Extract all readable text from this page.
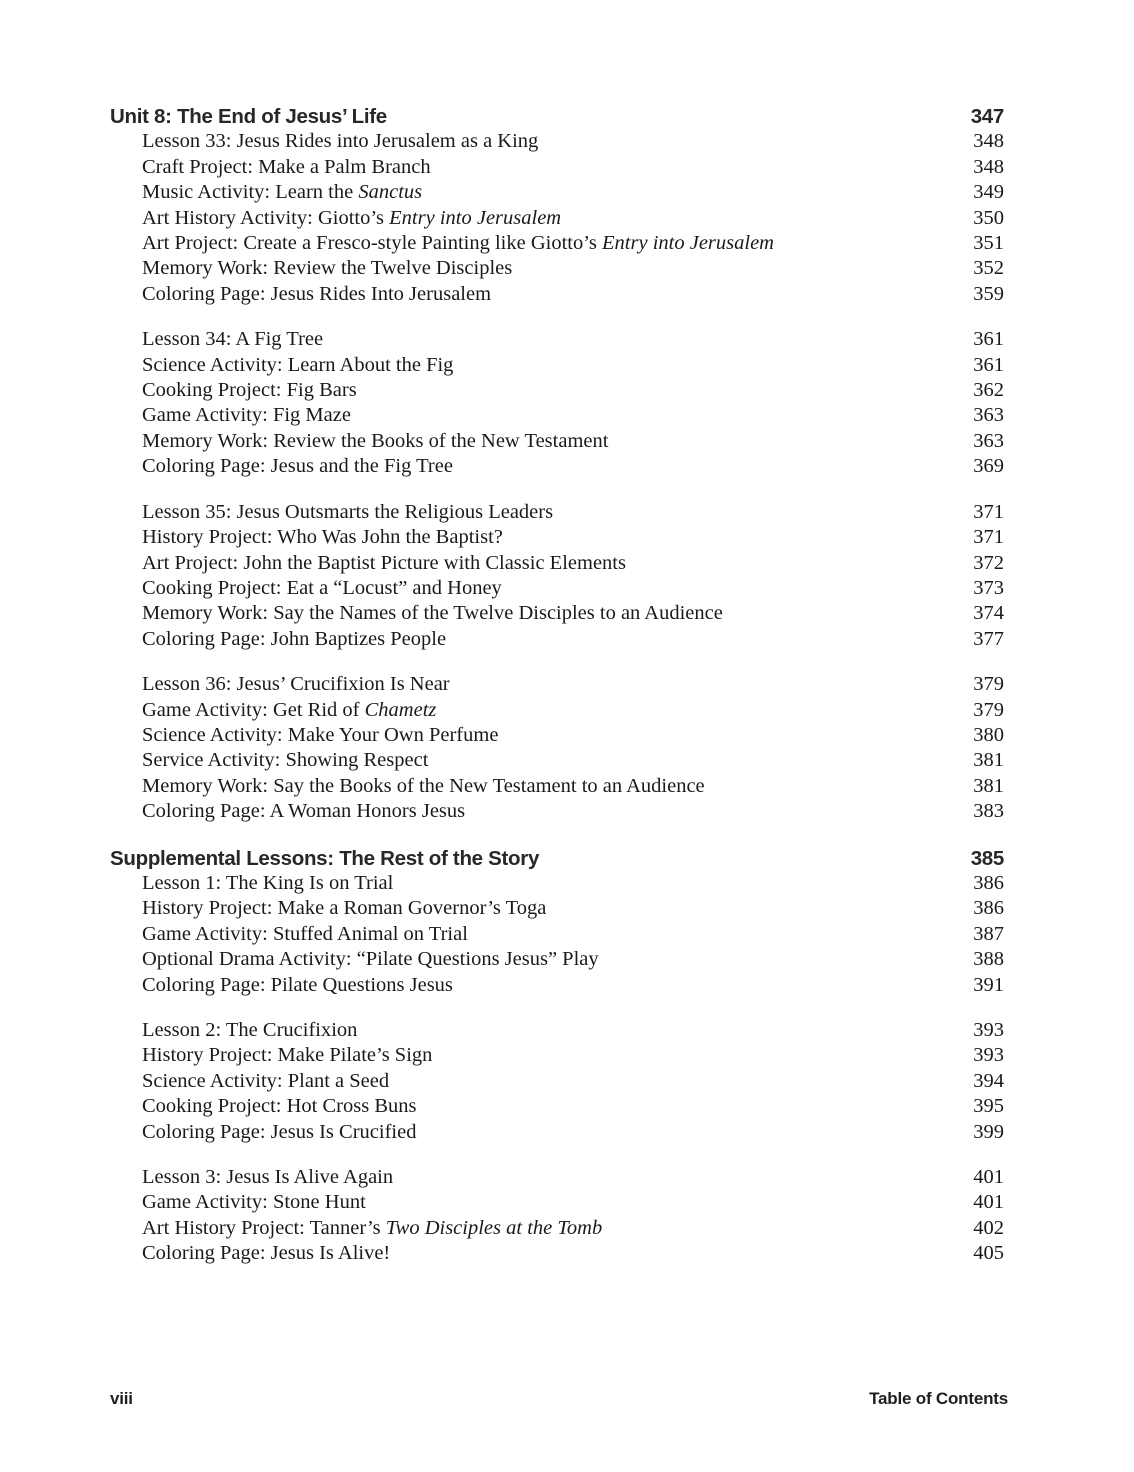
Unit 8: The End of Jesus’ Life	347
Lesson 33: Jesus Rides into Jerusalem as a King	348
Craft Project: Make a Palm Branch	348
Music Activity: Learn the Sanctus	349
Art History Activity: Giotto’s Entry into Jerusalem	350
Art Project: Create a Fresco-style Painting like Giotto’s Entry into Jerusalem	351
Memory Work: Review the Twelve Disciples	352
Coloring Page: Jesus Rides Into Jerusalem	359
Lesson 34: A Fig Tree	361
Science Activity: Learn About the Fig	361
Cooking Project: Fig Bars	362
Game Activity: Fig Maze	363
Memory Work: Review the Books of the New Testament	363
Coloring Page: Jesus and the Fig Tree	369
Lesson 35: Jesus Outsmarts the Religious Leaders	371
History Project: Who Was John the Baptist?	371
Art Project: John the Baptist Picture with Classic Elements	372
Cooking Project: Eat a “Locust” and Honey	373
Memory Work: Say the Names of the Twelve Disciples to an Audience	374
Coloring Page: John Baptizes People	377
Lesson 36: Jesus’ Crucifixion Is Near	379
Game Activity: Get Rid of Chametz	379
Science Activity: Make Your Own Perfume	380
Service Activity: Showing Respect	381
Memory Work: Say the Books of the New Testament to an Audience	381
Coloring Page: A Woman Honors Jesus	383
Supplemental Lessons: The Rest of the Story	385
Lesson 1: The King Is on Trial	386
History Project: Make a Roman Governor’s Toga	386
Game Activity: Stuffed Animal on Trial	387
Optional Drama Activity: “Pilate Questions Jesus” Play	388
Coloring Page: Pilate Questions Jesus	391
Lesson 2: The Crucifixion	393
History Project: Make Pilate’s Sign	393
Science Activity: Plant a Seed	394
Cooking Project: Hot Cross Buns	395
Coloring Page: Jesus Is Crucified	399
Lesson 3: Jesus Is Alive Again	401
Game Activity: Stone Hunt	401
Art History Project: Tanner’s Two Disciples at the Tomb	402
Coloring Page: Jesus Is Alive!	405
viii	Table of Contents
